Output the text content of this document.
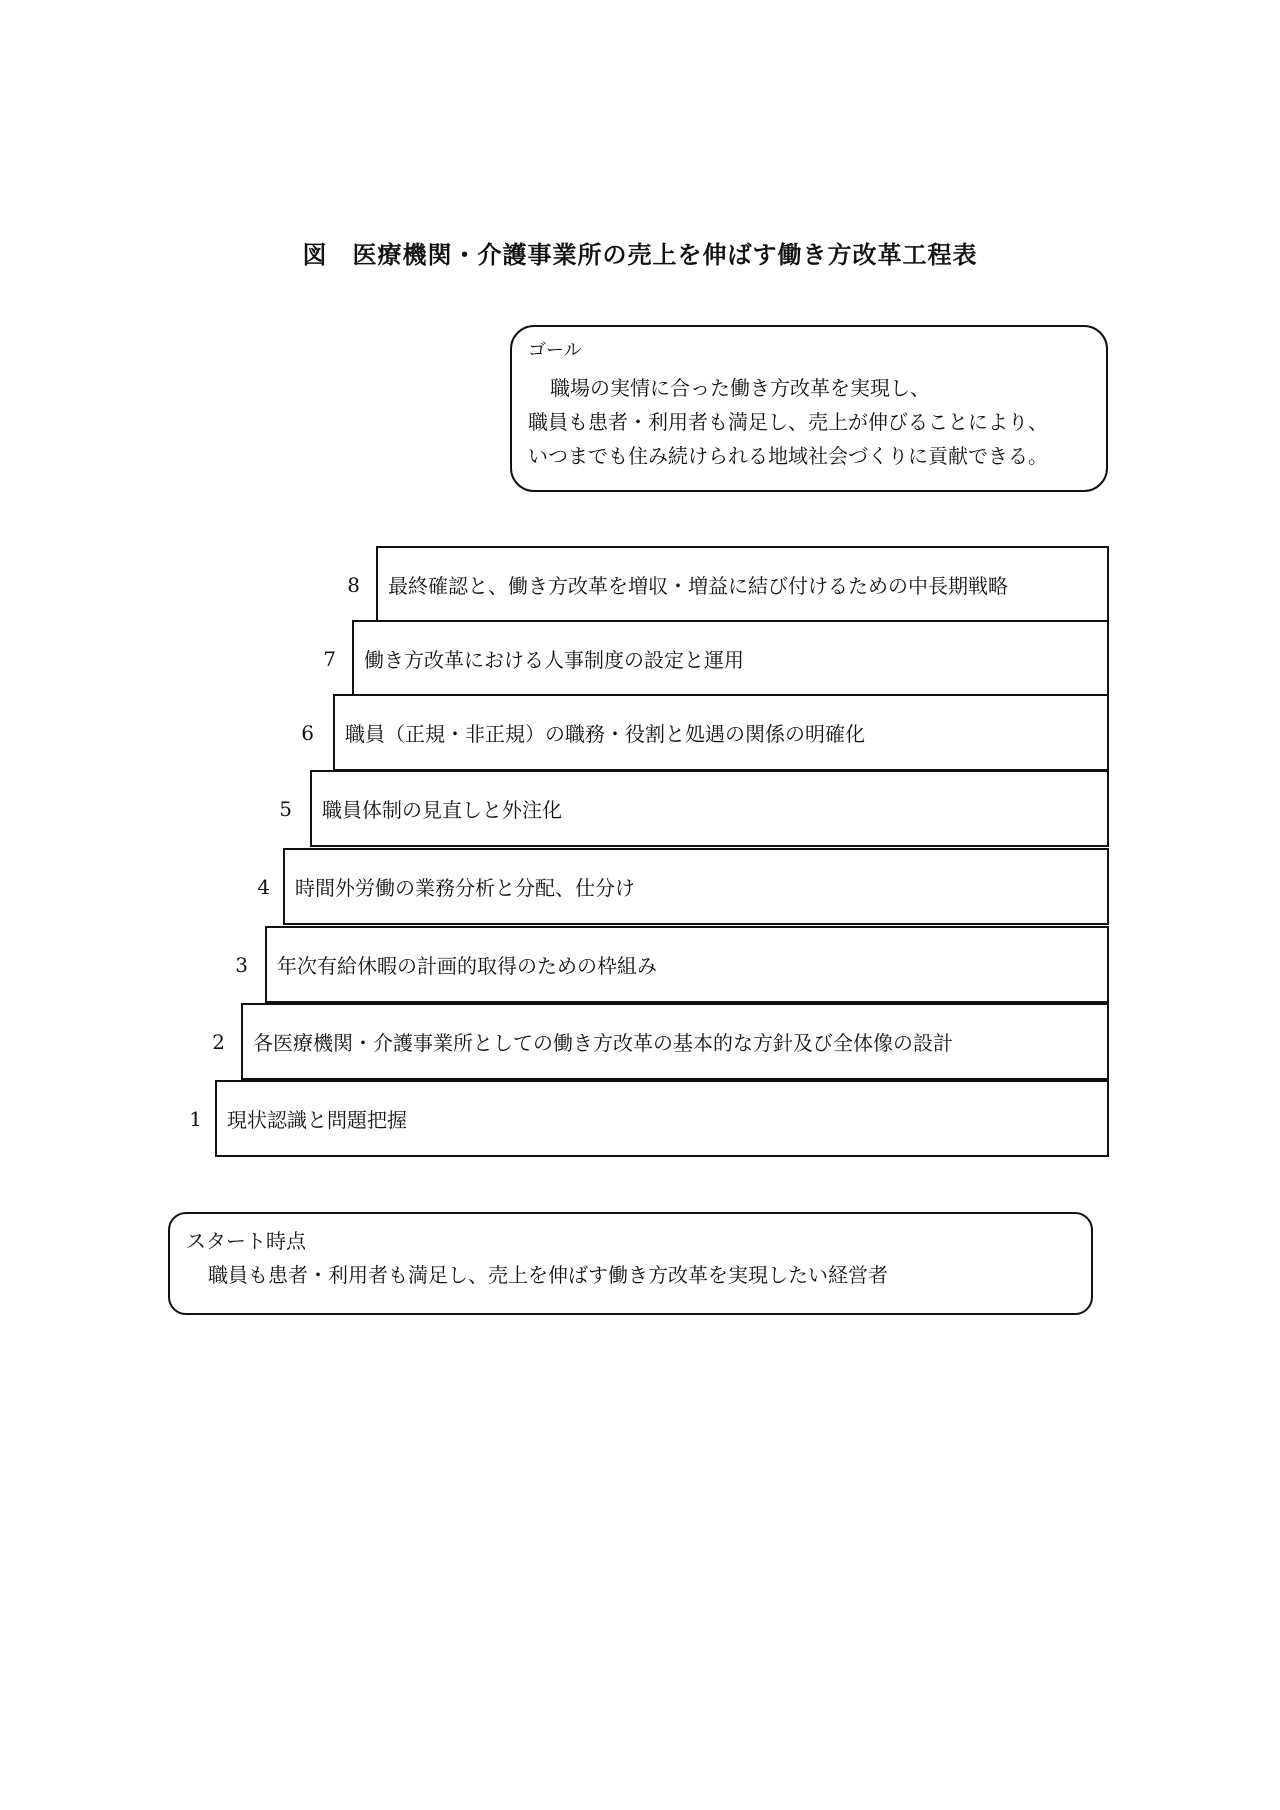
図　医療機関・介護事業所の売上を伸ばす働き方改革工程表
ゴール
職場の実情に合った働き方改革を実現し、
職員も患者・利用者も満足し、売上が伸びることにより、
いつまでも住み続けられる地域社会づくりに貢献できる。
8	最終確認と、働き方改革を増収・増益に結び付けるための中長期戦略
7	働き方改革における人事制度の設定と運用
6	職員（正規・非正規）の職務・役割と処遇の関係の明確化
5	職員体制の見直しと外注化
4	時間外労働の業務分析と分配、仕分け
3	年次有給休暇の計画的取得のための枠組み
2	各医療機関・介護事業所としての働き方改革の基本的な方針及び全体像の設計
1	現状認識と問題把握
スタート時点
職員も患者・利用者も満足し、売上を伸ばす働き方改革を実現したい経営者
